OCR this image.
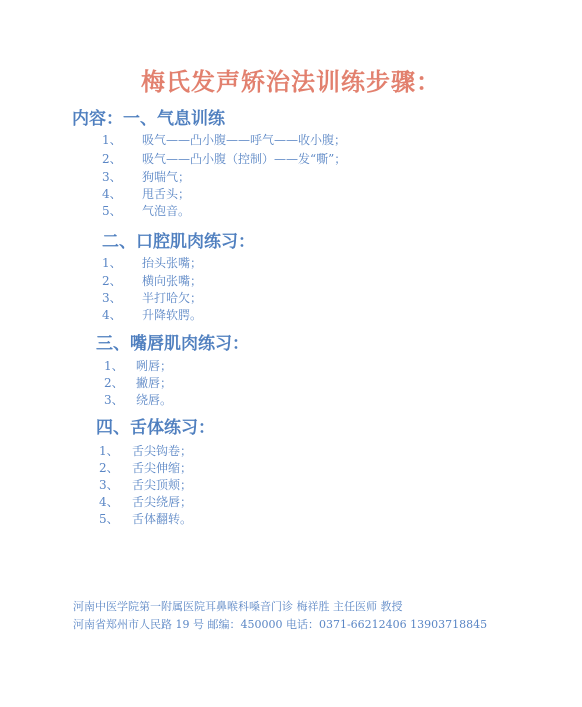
梅氏发声矫治法训练步骤：
内容：一、气息训练
1、 吸气——凸小腹——呼气——收小腹；
2、 吸气——凸小腹（控制）——发“嘶”；
3、 狗喘气；
4、 甩舌头；
5、 气泡音。
二、口腔肌肉练习：
1、 抬头张嘴；
2、 横向张嘴；
3、 半打哈欠；
4、 升降软腭。
三、嘴唇肌肉练习：
1、 咧唇；
2、 撇唇；
3、 绕唇。
四、舌体练习：
1、 舌尖钩卷；
2、 舌尖伸缩；
3、 舌尖顶颊；
4、 舌尖绕唇；
5、 舌体翻转。
河南中医学院第一附属医院耳鼻喉科嗓音门诊 梅祥胜 主任医师 教授
河南省郑州市人民路 19 号 邮编：450000 电话：0371-66212406 13903718845
